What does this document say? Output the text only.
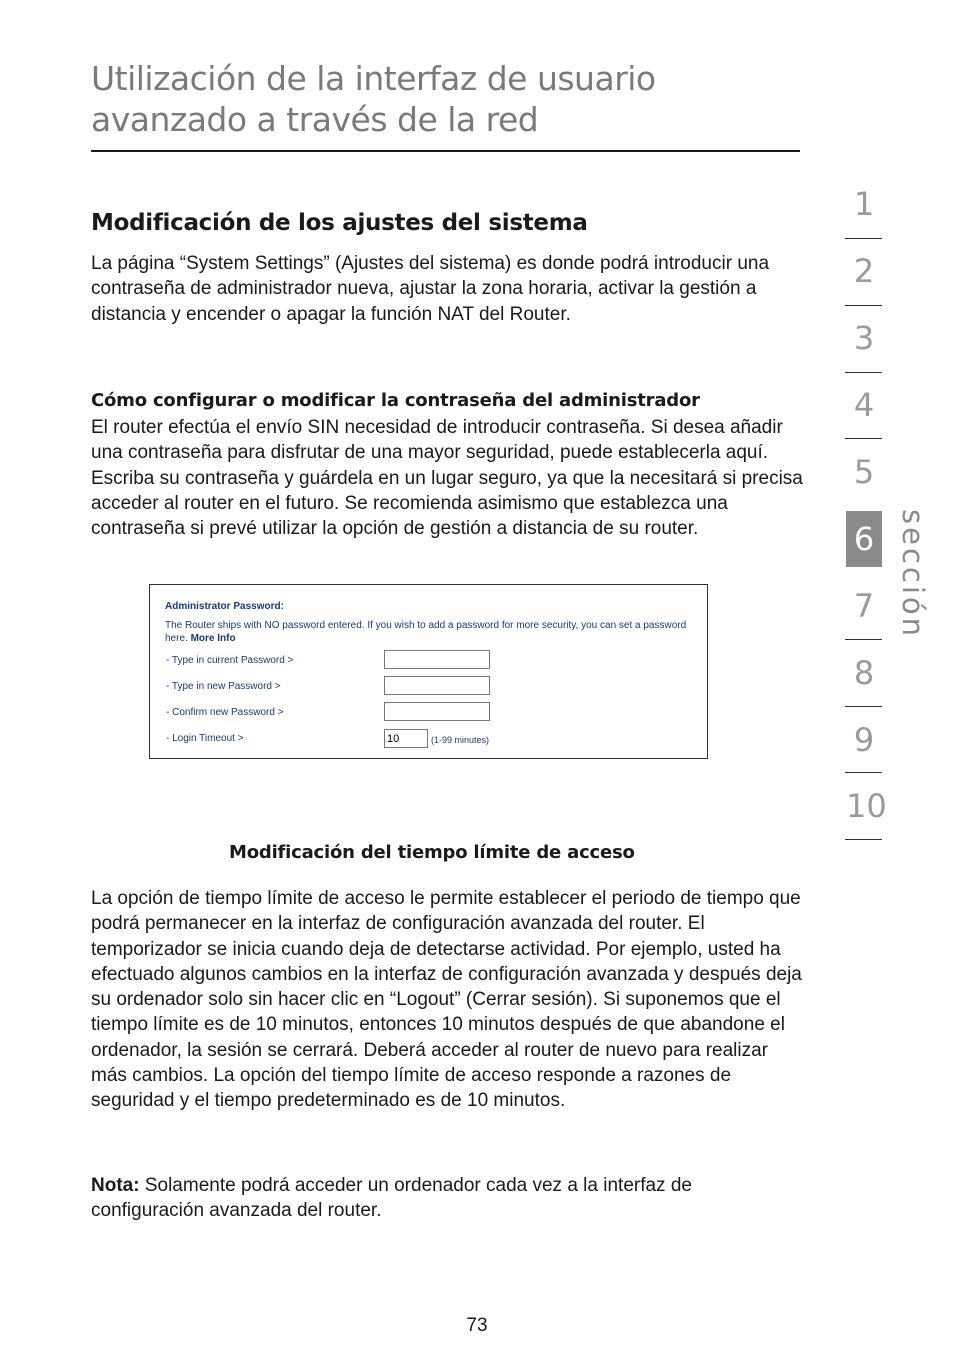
Utilización de la interfaz de usuario avanzado a través de la red
Modificación de los ajustes del sistema

La página “System Settings” (Ajustes del sistema) es donde podrá introducir una contraseña de administrador nueva, ajustar la zona horaria, activar la gestión a distancia y encender o apagar la función NAT del Router.

Cómo configurar o modificar la contraseña del administrador

El router efectúa el envío SIN necesidad de introducir contraseña. Si desea añadir una contraseña para disfrutar de una mayor seguridad, puede establecerla aquí. Escriba su contraseña y guárdela en un lugar seguro, ya que la necesitará si precisa acceder al router en el futuro. Se recomienda asimismo que establezca una contraseña si prevé utilizar la opción de gestión a distancia de su router.

Administrator Password:
The Router ships with NO password entered. If you wish to add a password for more security, you can set a password here. More Info
- Type in current Password >
- Type in new Password >
- Confirm new Password >
- Login Timeout >
10	(1-99 minutes)
Modificación del tiempo límite de acceso

La opción de tiempo límite de acceso le permite establecer el periodo de tiempo que podrá permanecer en la interfaz de configuración avanzada del router. El temporizador se inicia cuando deja de detectarse actividad. Por ejemplo, usted ha efectuado algunos cambios en la interfaz de configuración avanzada y después deja su ordenador solo sin hacer clic en “Logout” (Cerrar sesión). Si suponemos que el tiempo límite es de 10 minutos, entonces 10 minutos después de que abandone el ordenador, la sesión se cerrará. Deberá acceder al router de nuevo para realizar más cambios. La opción del tiempo límite de acceso responde a razones de seguridad y el tiempo predeterminado es de 10 minutos.

Nota: Solamente podrá acceder un ordenador cada vez a la interfaz de configuración avanzada del router.

1
2
3
4
5
6
7
8
9
10
sección
73
